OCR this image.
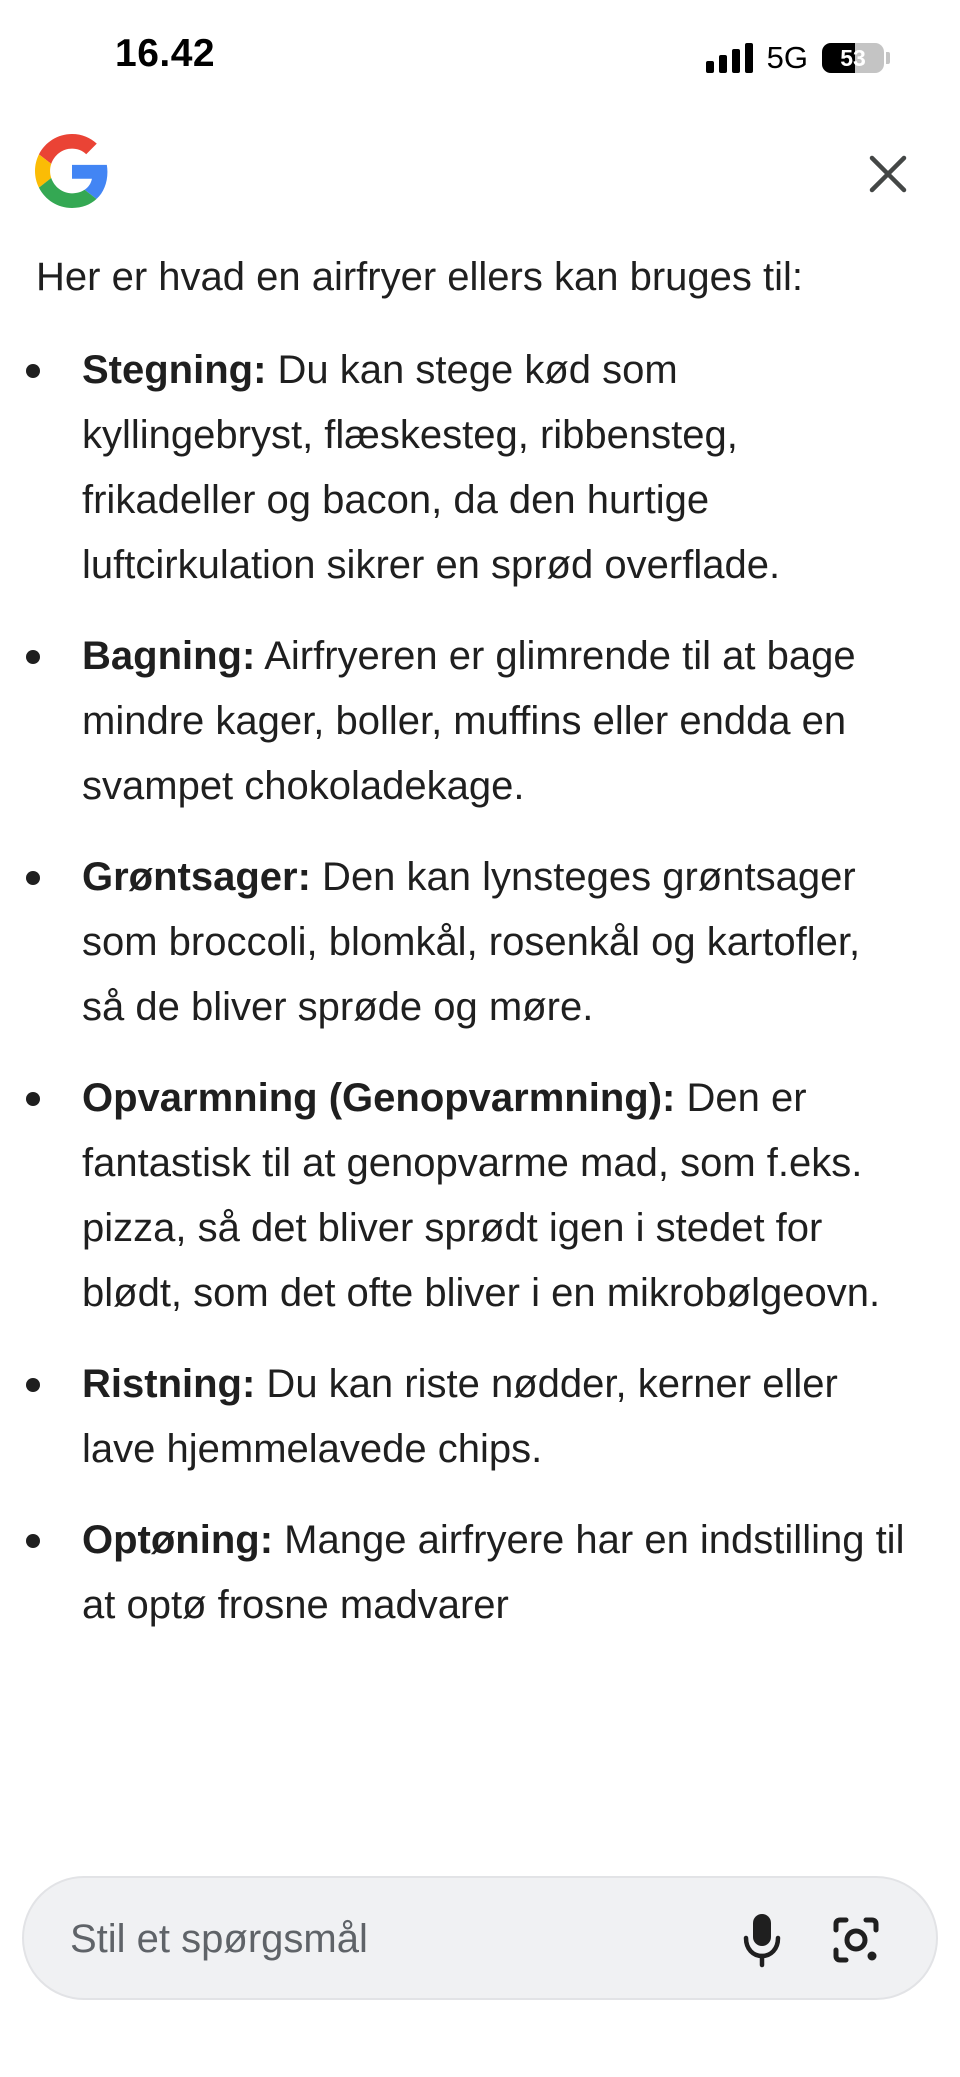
16.42	5G 53

Her er hvad en airfryer ellers kan bruges til:

Stegning: Du kan stege kød som kyllingebryst, flæskesteg, ribbensteg, frikadeller og bacon, da den hurtige luftcirkulation sikrer en sprød overflade.
Bagning: Airfryeren er glimrende til at bage mindre kager, boller, muffins eller endda en svampet chokoladekage.
Grøntsager: Den kan lynsteges grøntsager som broccoli, blomkål, rosenkål og kartofler, så de bliver sprøde og møre.
Opvarmning (Genopvarmning): Den er fantastisk til at genopvarme mad, som f.eks. pizza, så det bliver sprødt igen i stedet for blødt, som det ofte bliver i en mikrobølgeovn.
Ristning: Du kan riste nødder, kerner eller lave hjemmelavede chips.
Optøning: Mange airfryere har en indstilling til at optø frosne madvarer
Stil et spørgsmål
